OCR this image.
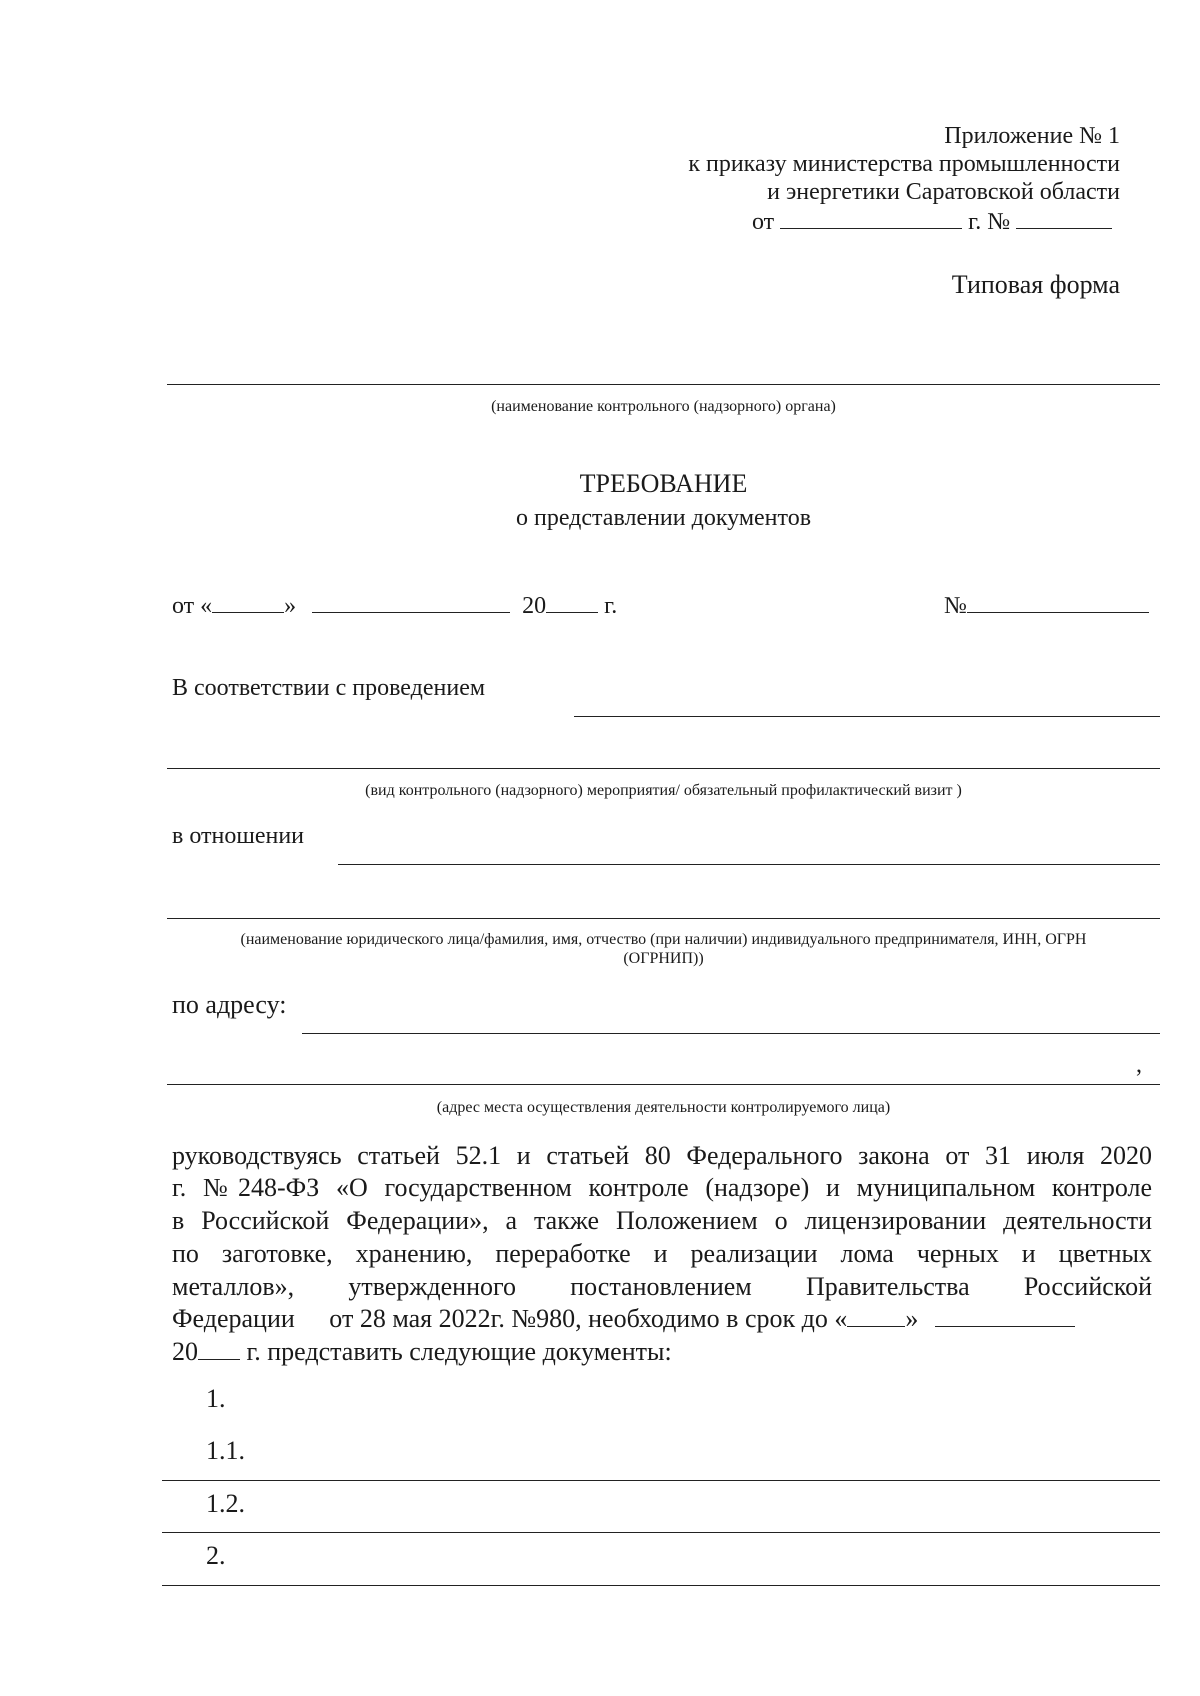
Приложение № 1
к приказу министерства промышленности
и энергетики Саратовской области
от	г. №
Типовая форма
(наименование контрольного (надзорного) органа)
ТРЕБОВАНИЕ
о представлении документов
от «	»	20 г.	№
В соответствии с проведением
(вид контрольного (надзорного) мероприятия/ обязательный профилактический визит )
в отношении
(наименование юридического лица/фамилия, имя, отчество (при наличии) индивидуального предпринимателя, ИНН, ОГРН
(ОГРНИП))
по адресу:
,
(адрес места осуществления деятельности контролируемого лица)
руководствуясь статьей 52.1 и статьей 80 Федерального закона от 31 июля 2020
г. №248-ФЗ «О государственном контроле (надзоре) и муниципальном контроле
в Российской Федерации», а также Положением о лицензировании деятельности
по заготовке, хранению, переработке и реализации лома черных и цветных
металлов», утвержденного постановлением Правительства Российской
Федерации от 28 мая 2022г. №980, необходимо в срок до « »
20 г. представить следующие документы:
1.
1.1.
1.2.
2.
